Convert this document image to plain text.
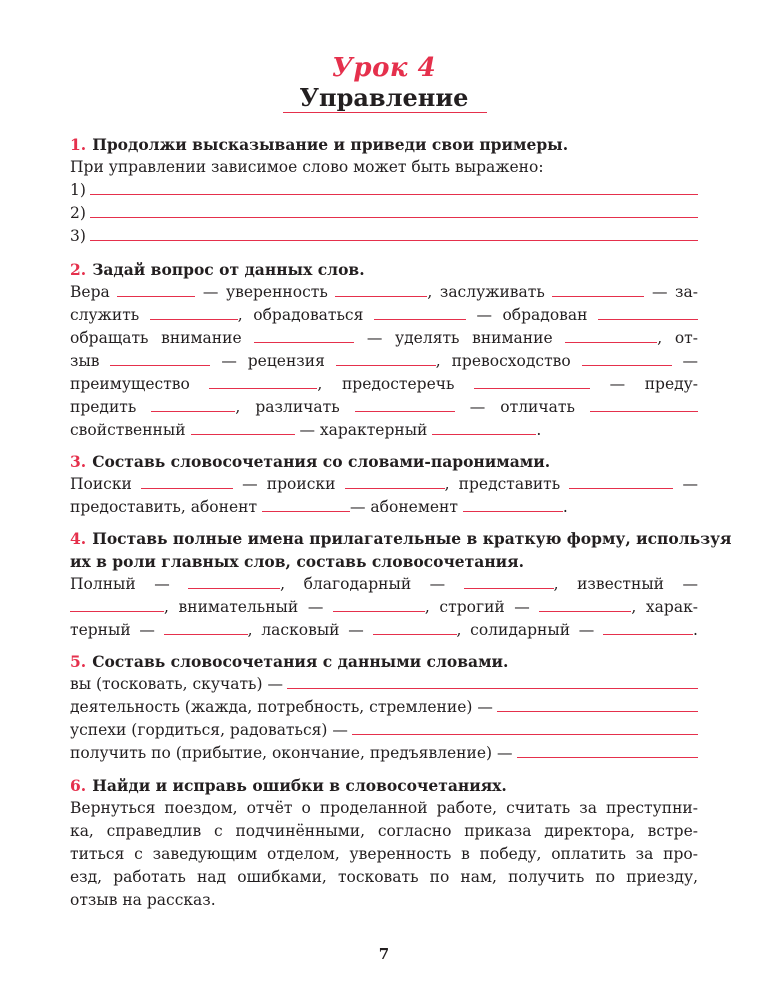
Урок 4
Управление
1. Продолжи высказывание и приведи свои примеры.
При управлении зависимое слово может быть выражено:
1)
2)
3)
2. Задай вопрос от данных слов.
Вера	— уверенность	, заслуживать	— за-
служить	, обрадоваться	— обрадован
обращать внимание	— уделять внимание	, от-
зыв	— рецензия	, превосходство	—
преимущество	, предостеречь	— преду-
предить	, различать	— отличать
свойственный	— характерный	.
3. Составь словосочетания со словами-паронимами.
Поиски	— происки	, представить	—
предоставить, абонент	— абонемент	.
4. Поставь полные имена прилагательные в краткую форму, используя
их в роли главных слов, составь словосочетания.
Полный —	, благодарный —	, известный —
, внимательный —	, строгий —	, харак-
терный —	, ласковый —	, солидарный —	.
5. Составь словосочетания с данными словами.
вы (тосковать, скучать) —
деятельность (жажда, потребность, стремление) —
успехи (гордиться, радоваться) —
получить по (прибытие, окончание, предъявление) —
6. Найди и исправь ошибки в словосочетаниях.
Вернуться поездом, отчёт о проделанной работе, считать за преступни-
ка, справедлив с подчинёнными, согласно приказа директора, встре-
титься с заведующим отделом, уверенность в победу, оплатить за про-
езд, работать над ошибками, тосковать по нам, получить по приезду,
отзыв на рассказ.
7
